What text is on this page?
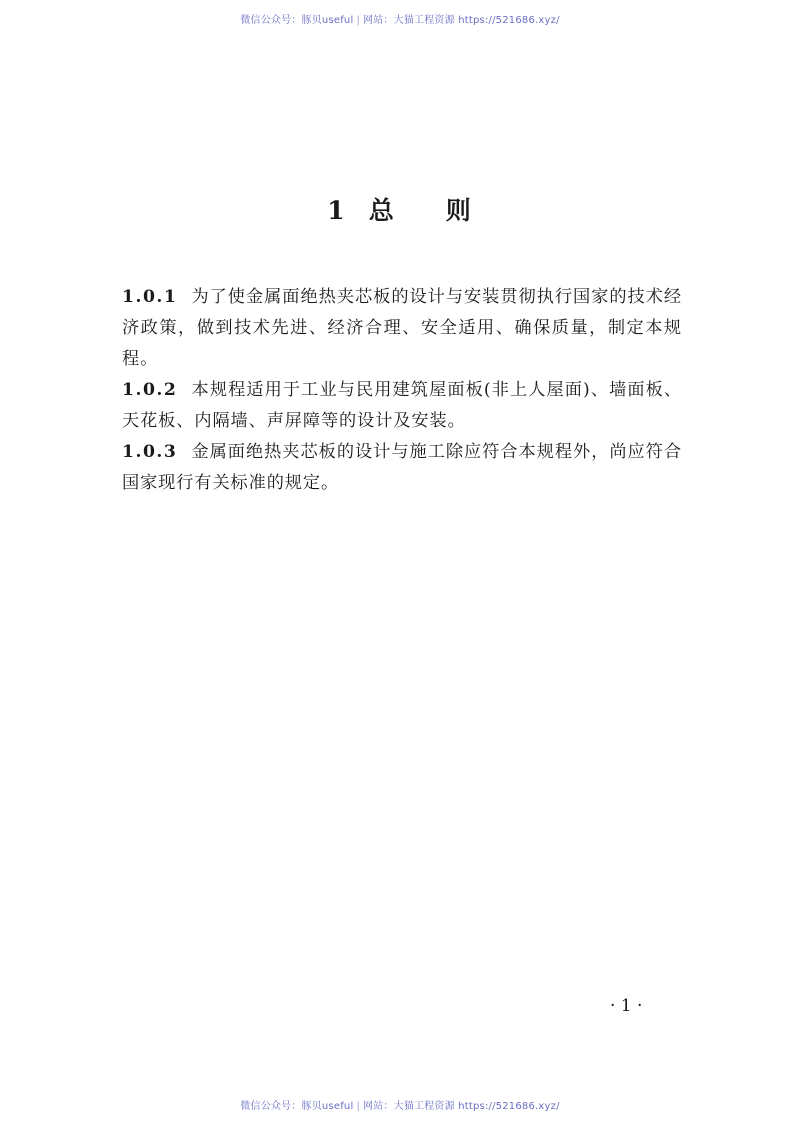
微信公众号：豚贝useful | 网站：大猫工程资源 https://521686.xyz/
1 总 则

1.0.1 为了使金属面绝热夹芯板的设计与安装贯彻执行国家的技术经济政策，做到技术先进、经济合理、安全适用、确保质量，制定本规程。

1.0.2 本规程适用于工业与民用建筑屋面板(非上人屋面)、墙面板、天花板、内隔墙、声屏障等的设计及安装。

1.0.3 金属面绝热夹芯板的设计与施工除应符合本规程外，尚应符合国家现行有关标准的规定。

· 1 ·
微信公众号：豚贝useful | 网站：大猫工程资源 https://521686.xyz/
